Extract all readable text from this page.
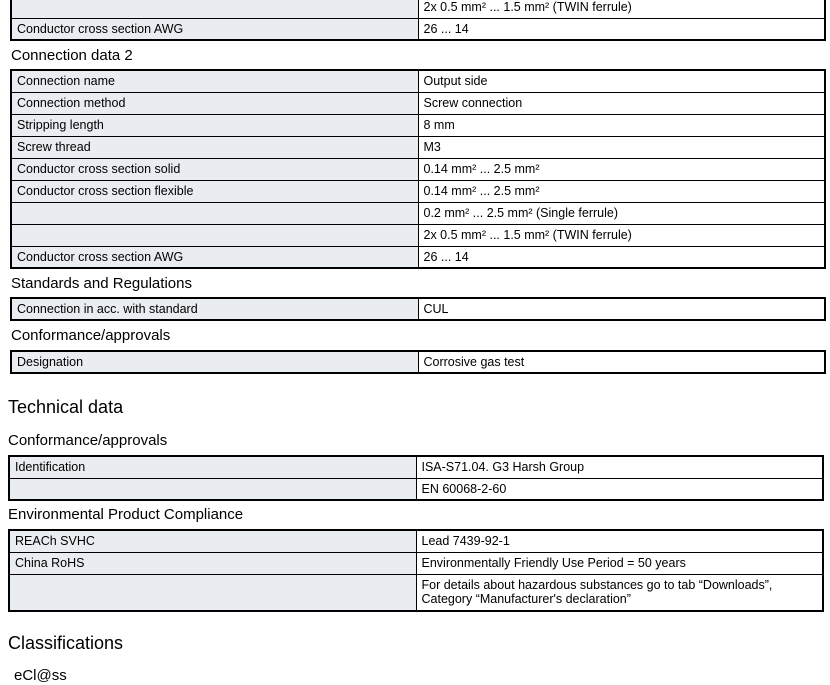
	2x 0.5 mm² ... 1.5 mm² (TWIN ferrule)
Conductor cross section AWG	26 ... 14
Connection data 2
Connection name	Output side
Connection method	Screw connection
Stripping length	8 mm
Screw thread	M3
Conductor cross section solid	0.14 mm² ... 2.5 mm²
Conductor cross section flexible	0.14 mm² ... 2.5 mm²
	0.2 mm² ... 2.5 mm² (Single ferrule)
	2x 0.5 mm² ... 1.5 mm² (TWIN ferrule)
Conductor cross section AWG	26 ... 14
Standards and Regulations
Connection in acc. with standard	CUL
Conformance/approvals
Designation	Corrosive gas test
Technical data
Conformance/approvals
Identification	ISA-S71.04. G3 Harsh Group
	EN 60068-2-60
Environmental Product Compliance
REACh SVHC	Lead 7439-92-1
China RoHS	Environmentally Friendly Use Period = 50 years
	For details about hazardous substances go to tab “Downloads”, Category “Manufacturer's declaration”
Classifications
eCl@ss
